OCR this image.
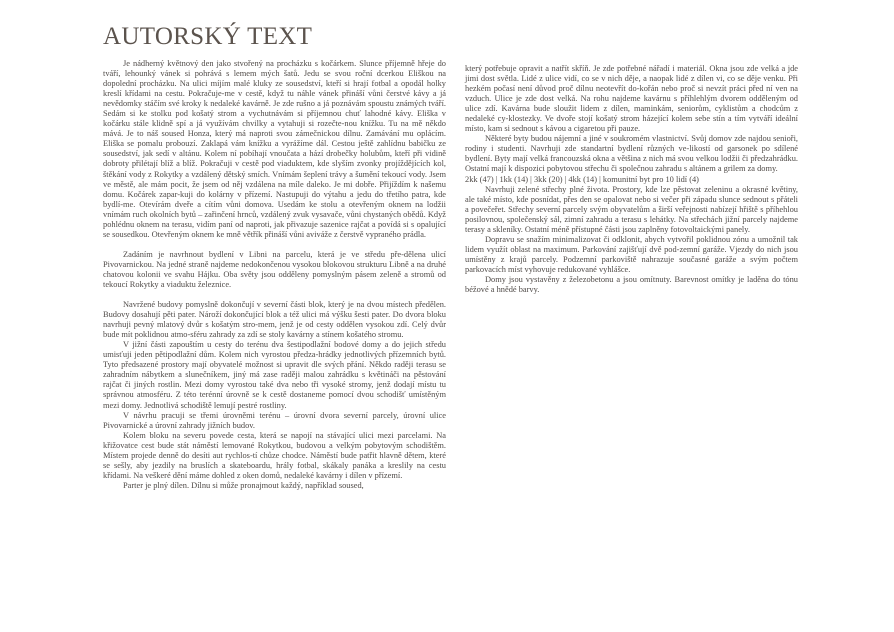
AUTORSKÝ TEXT

Je nádherný květnový den jako stvořený na procházku s kočárkem. Slunce příjemně hřeje do tváří, lehounký vánek si pohrává s lemem mých šatů. Jedu se svou roční dcerkou Eliškou na dopolední procházku. Na ulici míjím malé kluky ze sousedství, kteří si hrají fotbal a opodál holky kreslí křídami na cestu. Pokračuje-me v cestě, když tu náhle vánek přináší vůni čerstvé kávy a já nevědomky stáčím své kroky k nedaleké kavárně. Je zde rušno a já poznávám spoustu známých tváří. Sedám si ke stolku pod košatý strom a vychutnávám si příjemnou chuť lahodné kávy. Eliška v kočárku stále klidně spí a já využívám chvilky a vytahuji si rozečte-nou knížku. Tu na mě někdo mává. Je to náš soused Honza, který má naproti svou zámečnickou dílnu. Zamávání mu oplácím. Eliška se pomalu probouzí. Zaklapá vám knížku a vyrážíme dál. Cestou ještě zahlídnu babičku ze sousedství, jak sedí v altánu. Kolem ní pobíhají vnoučata a hází drobečky holubům, kteří při vidině dobroty přilétají blíž a blíž. Pokračuji v cestě pod viaduktem, kde slyším zvonky projíždějících kol, štěkání vody z Rokytky a vzdálený dětský smích. Vnímám šeplení trávy a šumění tekoucí vody. Jsem ve městě, ale mám pocit, že jsem od něj vzdálena na míle daleko. Je mi dobře. Přijíždím k našemu domu. Kočárek zapar-kuji do kolárny v přízemí. Nastupuji do výtahu a jedu do třetího patra, kde bydlí-me. Otevírám dveře a cítím vůni domova. Usedám ke stolu a otevřeným oknem na lodžii vnímám ruch okolních bytů – zařinčení hrnců, vzdálený zvuk vysavače, vůni chystaných obědů. Když pohlédnu oknem na terasu, vidím paní od naproti, jak přivazuje sazenice rajčat a povídá si s opalující se sousedkou. Otevřeným oknem ke mně větřík přináší vůni aviváže z čerstvě vypraného prádla.

Zadáním je navrhnout bydlení v Libni na parcelu, která je ve středu pře-dělena ulicí Pivovarnickou. Na jedné straně najdeme nedokončenou vysokou blokovou strukturu Libně a na druhé chatovou kolonii ve svahu Hájku. Oba světy jsou odděleny pomyslným pásem zeleně a stromů od tekoucí Rokytky a viaduktu železnice.

Navržené budovy pomyslně dokončují v severní části blok, který je na dvou místech předělen. Budovy dosahují pěti pater. Nároží dokončující blok a též ulici má výšku šesti pater. Do dvora bloku navrhuji pevný mlatový dvůr s košatým stro-mem, jenž je od cesty oddělen vysokou zdí. Celý dvůr bude mít poklidnou atmo-sféru zahrady za zdí se stoly kavárny a stínem košatého stromu.

V jižní části zapouštím u cesty do terénu dva šestipodlažní bodové domy a do jejich středu umisťuji jeden pětipodlažní dům. Kolem nich vyrostou předza-hrádky jednotlivých přízemních bytů. Tyto předsazené prostory mají obyvatelé možnost si upravit dle svých přání. Někdo raději terasu se zahradním nábytkem a slunečníkem, jiný má zase raději malou zahrádku s květináči na pěstování rajčat či jiných rostlin. Mezi domy vyrostou také dva nebo tři vysoké stromy, jenž dodají místu tu správnou atmosféru. Z této terénní úrovně se k cestě dostaneme pomocí dvou schodišť umístěným mezi domy. Jednotlivá schodiště lemují pestré rostliny.

V návrhu pracuji se třemi úrovněmi terénu – úrovní dvora severní parcely, úrovní ulice Pivovarnické a úrovní zahrady jižních budov.

Kolem bloku na severu povede cesta, která se napojí na stávající ulici mezi parcelami. Na křižovatce cest bude stát náměstí lemované Rokytkou, budovou a velkým pobytovým schodištěm. Místem projede denně do desíti aut rychlos-tí chůze chodce. Náměstí bude patřit hlavně dětem, které se sešly, aby jezdily na bruslích a skateboardu, hrály fotbal, skákaly panáka a kreslily na cestu křídami. Na veškeré dění máme dohled z oken domů, nedaleké kavárny i dílen v přízemí.

Parter je plný dílen. Dílnu si může pronajmout každý, například soused,

který potřebuje opravit a natřít skříň. Je zde potřebné nářadí i materiál. Okna jsou zde velká a jde jimi dost světla. Lidé z ulice vidí, co se v nich děje, a naopak lidé z dílen vi, co se děje venku. Při hezkém počasí není důvod proč dílnu neotevřít do-kořán nebo proč si nevzít práci před ní ven na vzduch. Ulice je zde dost velká. Na rohu najdeme kavárnu s příhlehlým dvorem odděleným od ulice zdí. Kavárna bude sloužit lidem z dílen, maminkám, seniorům, cyklistům a chodcům z nedaleké cy-klostezky. Ve dvoře stojí košatý strom házející kolem sebe stín a tím vytváří ideální místo, kam si sednout s kávou a cigaretou při pauze.

Některé byty budou nájemní a jiné v soukromém vlastnictví. Svůj domov zde najdou senioři, rodiny i studenti. Navrhuji zde standartní bydlení různých ve-likostí od garsonek po sdílené bydlení. Byty mají velká francouzská okna a většina z nich má svou velkou lodžii či předzahrádku. Ostatní mají k dispozici pobytovou střechu či společnou zahradu s altánem a grilem za domy.

2kk (47) | 1kk (14) | 3kk (20) | 4kk (14) | komunitní byt pro 10 lidí (4)

Navrhuji zelené střechy plné života. Prostory, kde lze pěstovat zeleninu a okrasné květiny, ale také místo, kde posnídat, přes den se opalovat nebo si večer při západu slunce sednout s přáteli a povečeřet. Střechy severní parcely svým obyvatelům a širší veřejnosti nabízejí hřiště s příhehlou posilovnou, společenský sál, zimní zahradu a terasu s lehátky. Na střechách jižní parcely najdeme terasy a skleníky. Ostatní méně přístupné části jsou zaplněny fotovoltaickými panely.

Dopravu se snažím minimalizovat či odklonit, abych vytvořil poklidnou zónu a umožnil tak lidem využít oblast na maximum. Parkování zajišťují dvě pod-zemní garáže. Vjezdy do nich jsou umístěny z krajů parcely. Podzemní parkoviště nahrazuje současné garáže a svým počtem parkovacích míst vyhovuje redukované vyhlášce.

Domy jsou vystavěny z železobetonu a jsou omítnuty. Barevnost omítky je laděna do tónu béžové a hnědé barvy.
